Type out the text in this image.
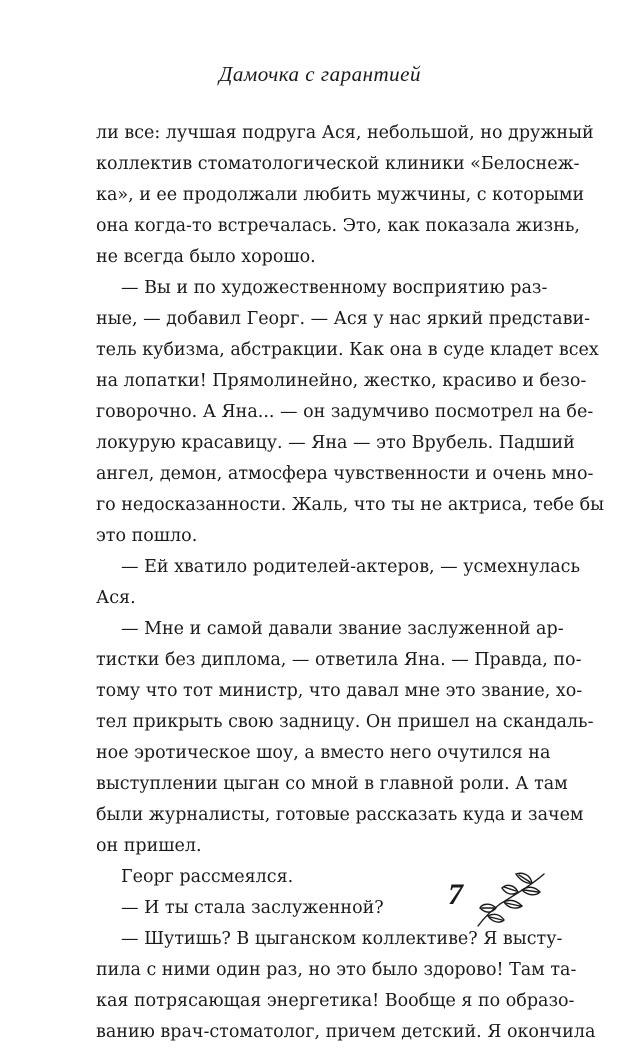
Дамочка с гарантией
ли все: лучшая подруга Ася, небольшой, но дружный
коллектив стоматологической клиники «Белоснеж-
ка», и ее продолжали любить мужчины, с которыми
она когда-то встречалась. Это, как показала жизнь,
не всегда было хорошо.
— Вы и по художественному восприятию раз-
ные, — добавил Георг. — Ася у нас яркий представи-
тель кубизма, абстракции. Как она в суде кладет всех
на лопатки! Прямолинейно, жестко, красиво и безо-
говорочно. А Яна... — он задумчиво посмотрел на бе-
локурую красавицу. — Яна — это Врубель. Падший
ангел, демон, атмосфера чувственности и очень мно-
го недосказанности. Жаль, что ты не актриса, тебе бы
это пошло.
— Ей хватило родителей-актеров, — усмехнулась
Ася.
— Мне и самой давали звание заслуженной ар-
тистки без диплома, — ответила Яна. — Правда, по-
тому что тот министр, что давал мне это звание, хо-
тел прикрыть свою задницу. Он пришел на скандаль-
ное эротическое шоу, а вместо него очутился на
выступлении цыган со мной в главной роли. А там
были журналисты, готовые рассказать куда и зачем
он пришел.
Георг рассмеялся.
— И ты стала заслуженной?
— Шутишь? В цыганском коллективе? Я высту-
пила с ними один раз, но это было здорово! Там та-
кая потрясающая энергетика! Вообще я по образо-
ванию врач-стоматолог, причем детский. Я окончила
7
